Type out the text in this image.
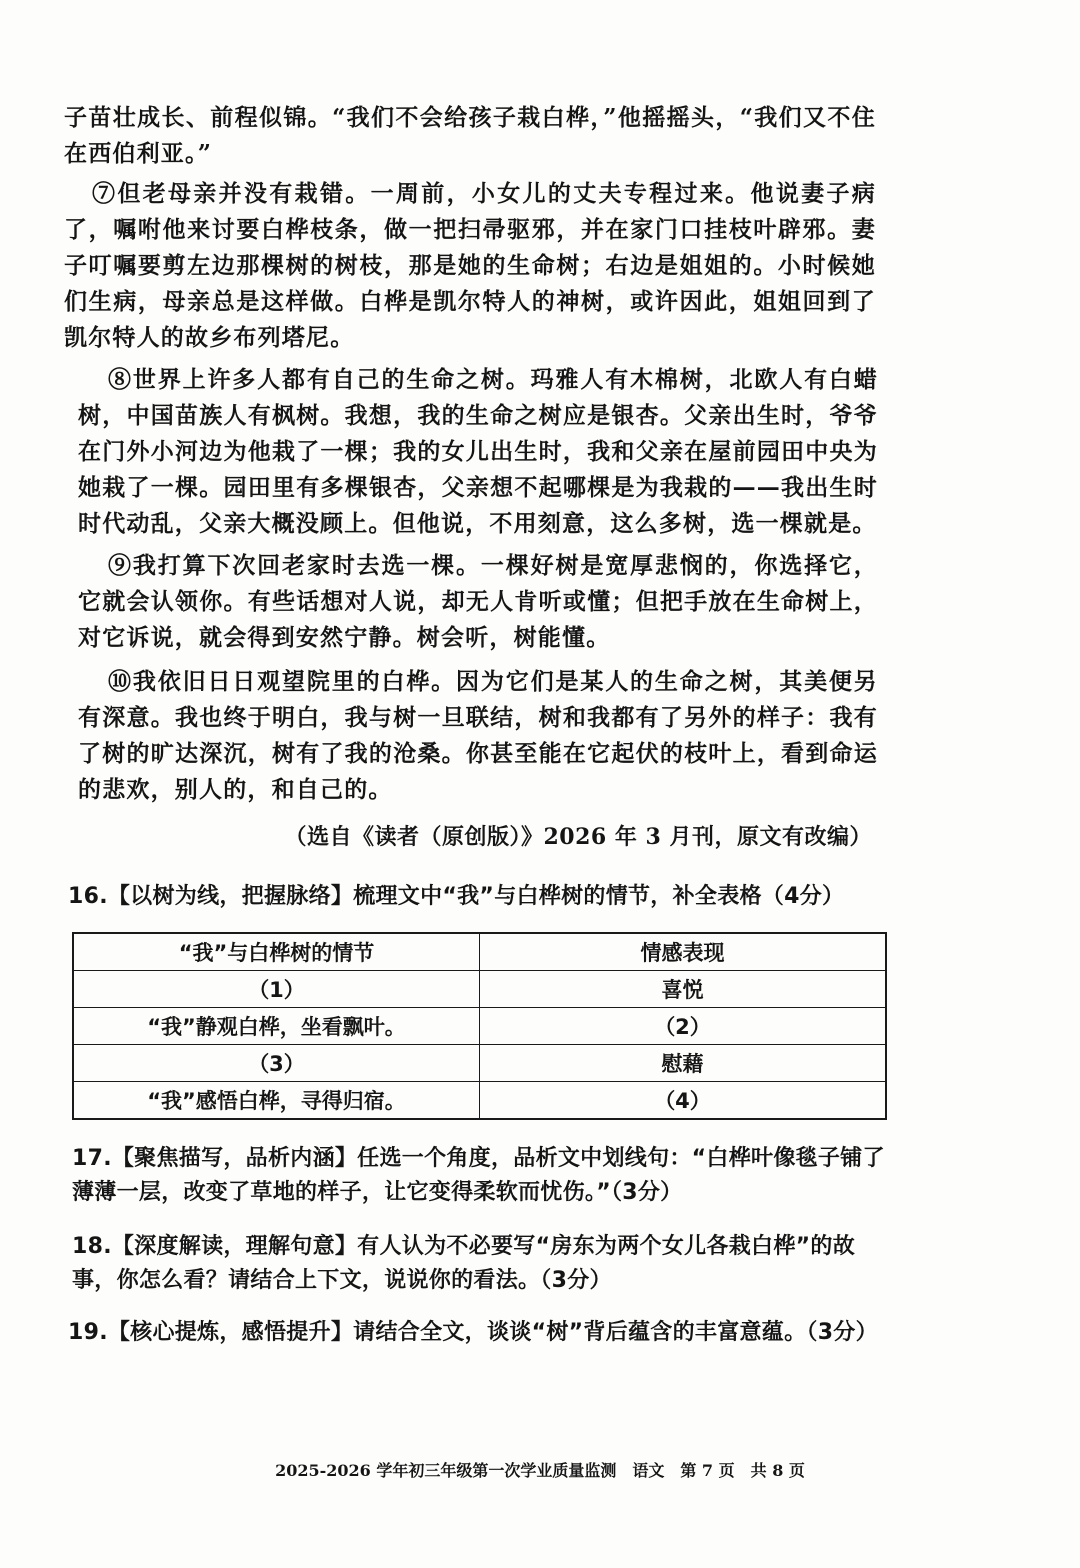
子苗壮成长、前程似锦。“我们不会给孩子栽白桦，”他摇摇头，“我们又不住在西伯利亚。”

⑦但老母亲并没有栽错。一周前，小女儿的丈夫专程过来。他说妻子病了，嘱咐他来讨要白桦枝条，做一把扫帚驱邪，并在家门口挂枝叶辟邪。妻子叮嘱要剪左边那棵树的树枝，那是她的生命树；右边是姐姐的。小时候她们生病，母亲总是这样做。白桦是凯尔特人的神树，或许因此，姐姐回到了凯尔特人的故乡布列塔尼。

⑧世界上许多人都有自己的生命之树。玛雅人有木棉树，北欧人有白蜡树，中国苗族人有枫树。我想，我的生命之树应是银杏。父亲出生时，爷爷在门外小河边为他栽了一棵；我的女儿出生时，我和父亲在屋前园田中央为她栽了一棵。园田里有多棵银杏，父亲想不起哪棵是为我栽的——我出生时时代动乱，父亲大概没顾上。但他说，不用刻意，这么多树，选一棵就是。

⑨我打算下次回老家时去选一棵。一棵好树是宽厚悲悯的，你选择它，它就会认领你。有些话想对人说，却无人肯听或懂；但把手放在生命树上，对它诉说，就会得到安然宁静。树会听，树能懂。

⑩我依旧日日观望院里的白桦。因为它们是某人的生命之树，其美便另有深意。我也终于明白，我与树一旦联结，树和我都有了另外的样子：我有了树的旷达深沉，树有了我的沧桑。你甚至能在它起伏的枝叶上，看到命运的悲欢，别人的，和自己的。

（选自《读者（原创版）》2026 年 3 月刊，原文有改编）

16.【以树为线，把握脉络】梳理文中“我”与白桦树的情节，补全表格（4分）

“我”与白桦树的情节	情感表现
（1）	喜悦
“我”静观白桦，坐看飘叶。	（2）
（3）	慰藉
“我”感悟白桦，寻得归宿。	（4）

17.【聚焦描写，品析内涵】任选一个角度，品析文中划线句：“白桦叶像毯子铺了薄薄一层，改变了草地的样子，让它变得柔软而忧伤。”（3分）

18.【深度解读，理解句意】有人认为不必要写“房东为两个女儿各栽白桦”的故事，你怎么看？请结合上下文，说说你的看法。（3分）

19.【核心提炼，感悟提升】请结合全文，谈谈“树”背后蕴含的丰富意蕴。（3分）

2025-2026 学年初三年级第一次学业质量监测　语文　第 7 页　共 8 页
